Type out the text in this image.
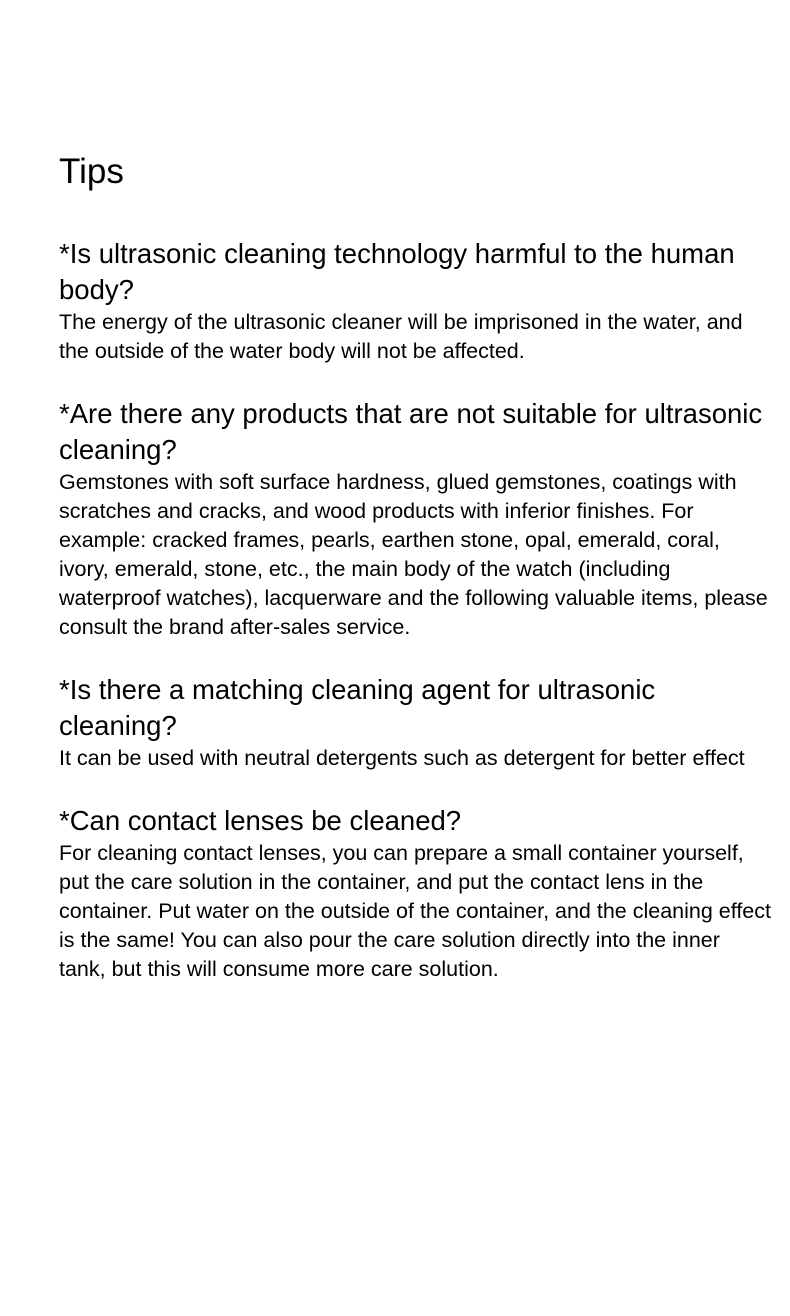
Tips
*Is ultrasonic cleaning technology harmful to the human body?

The energy of the ultrasonic cleaner will be imprisoned in the water, and the outside of the water body will not be affected.

*Are there any products that are not suitable for ultrasonic cleaning?

Gemstones with soft surface hardness, glued gemstones, coatings with scratches and cracks, and wood products with inferior finishes. For example: cracked frames, pearls, earthen stone, opal, emerald, coral, ivory, emerald, stone, etc., the main body of the watch (including waterproof watches), lacquerware and the following valuable items, please consult the brand after-sales service.

*Is there a matching cleaning agent for ultrasonic cleaning?

It can be used with neutral detergents such as detergent for better effect

*Can contact lenses be cleaned?

For cleaning contact lenses, you can prepare a small container yourself, put the care solution in the container, and put the contact lens in the container. Put water on the outside of the container, and the cleaning effect is the same! You can also pour the care solution directly into the inner tank, but this will consume more care solution.
